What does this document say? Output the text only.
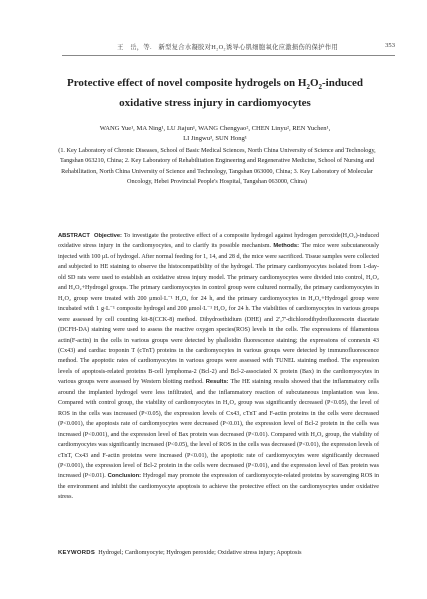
王　岳，等.　新型复合水凝胶对H₂O₂诱导心肌细胞氧化应激损伤的保护作用	353
Protective effect of novel composite hydrogels on $H_2O_2$-induced
oxidative stress injury in cardiomyocytes
WANG Yue¹, MA Ning¹, LU Jiajun¹, WANG Chengyao², CHEN Linyu², REN Yuchen¹,
LI Jingwu³, SUN Hong¹
(1. Key Laboratory of Chronic Diseases, School of Basic Medical Sciences, North China University of Science and Technology, Tangshan 063210, China; 2. Key Laboratory of Rehabilitation Engineering and Regenerative Medicine, School of Nursing and Rehabilitation, North China University of Science and Technology, Tangshan 063000, China; 3. Key Laboratory of Molecular Oncology, Hebei Provincial People's Hospital, Tangshan 063000, China)

ABSTRACT Objective: To investigate the protective effect of a composite hydrogel against hydrogen peroxide(H₂O₂)-induced oxidative stress injury in the cardiomyocytes, and to clarify its possible mechanism. Methods: The mice were subcutaneously injected with 100 μL of hydrogel. After normal feeding for 1, 14, and 28 d, the mice were sacrificed. Tissue samples were collected and subjected to HE staining to observe the histocompatibility of the hydrogel. The primary cardiomyocytes isolated from 1-day-old SD rats were used to establish an oxidative stress injury model. The primary cardiomyocytes were divided into control, H₂O₂ and H₂O₂+Hydrogel groups. The primary cardiomyocytes in control group were cultured normally, the primary cardiomyocytes in H₂O₂ group were treated with 200 μmol·L⁻¹ H₂O₂ for 24 h, and the primary cardiomyocytes in H₂O₂+Hydrogel group were incubated with 1 g·L⁻¹ composite hydrogel and 200 μmol·L⁻¹ H₂O₂ for 24 h. The viabilities of cardiomyocytes in various groups were assessed by cell counting kit-8(CCK-8) method. Dihydroethidium (DHE) and 2′,7′-dichlorodihydrofluorescein diacetate (DCFH-DA) staining were used to assess the reactive oxygen species(ROS) levels in the cells. The expressions of filamentous actin(F-actin) in the cells in various groups were detected by phalloidin fluorescence staining; the expressions of connexin 43 (Cx43) and cardiac troponin T (cTnT) proteins in the cardiomyocytes in various groups were detected by immunofluorescence method. The apoptotic rates of cardiomyocytes in various groups were assessed with TUNEL staining method. The expression levels of apoptosis-related proteins B-cell lymphoma-2 (Bcl-2) and Bcl-2-associated X protein (Bax) in the cardiomyocytes in various groups were assessed by Western blotting method. Results: The HE staining results showed that the inflammatory cells around the implanted hydrogel were less infiltrated, and the inflammatory reaction of subcutaneous implantation was less. Compared with control group, the viability of cardiomyocytes in H₂O₂ group was significantly decreased (P<0.05), the level of ROS in the cells was increased (P<0.05), the expression levels of Cx43, cTnT and F-actin proteins in the cells were decreased (P<0.001), the apoptosis rate of cardiomyocytes were decreased (P<0.01), the expression level of Bcl-2 protein in the cells was increased (P<0.001), and the expression level of Bax protein was decreased (P<0.01). Compared with H₂O₂ group, the viability of cardiomyocytes was significantly increased (P<0.05), the level of ROS in the cells was decreased (P<0.01), the expression levels of cTnT, Cx43 and F-actin proteins were increased (P<0.01), the apoptotic rate of cardiomyocytes were significantly decreased (P<0.001), the expression level of Bcl-2 protein in the cells were decreased (P<0.01), and the expression level of Bax protein was increased (P<0.01). Conclusion: Hydrogel may promote the expression of cardiomyocyte-related proteins by scavenging ROS in the environment and inhibit the cardiomyocyte apoptosis to achieve the protective effect on the cardiomyocytes under oxidative stress.

KEYWORDS Hydrogel; Cardiomyocyte; Hydrogen peroxide; Oxidative stress injury; Apoptosis
